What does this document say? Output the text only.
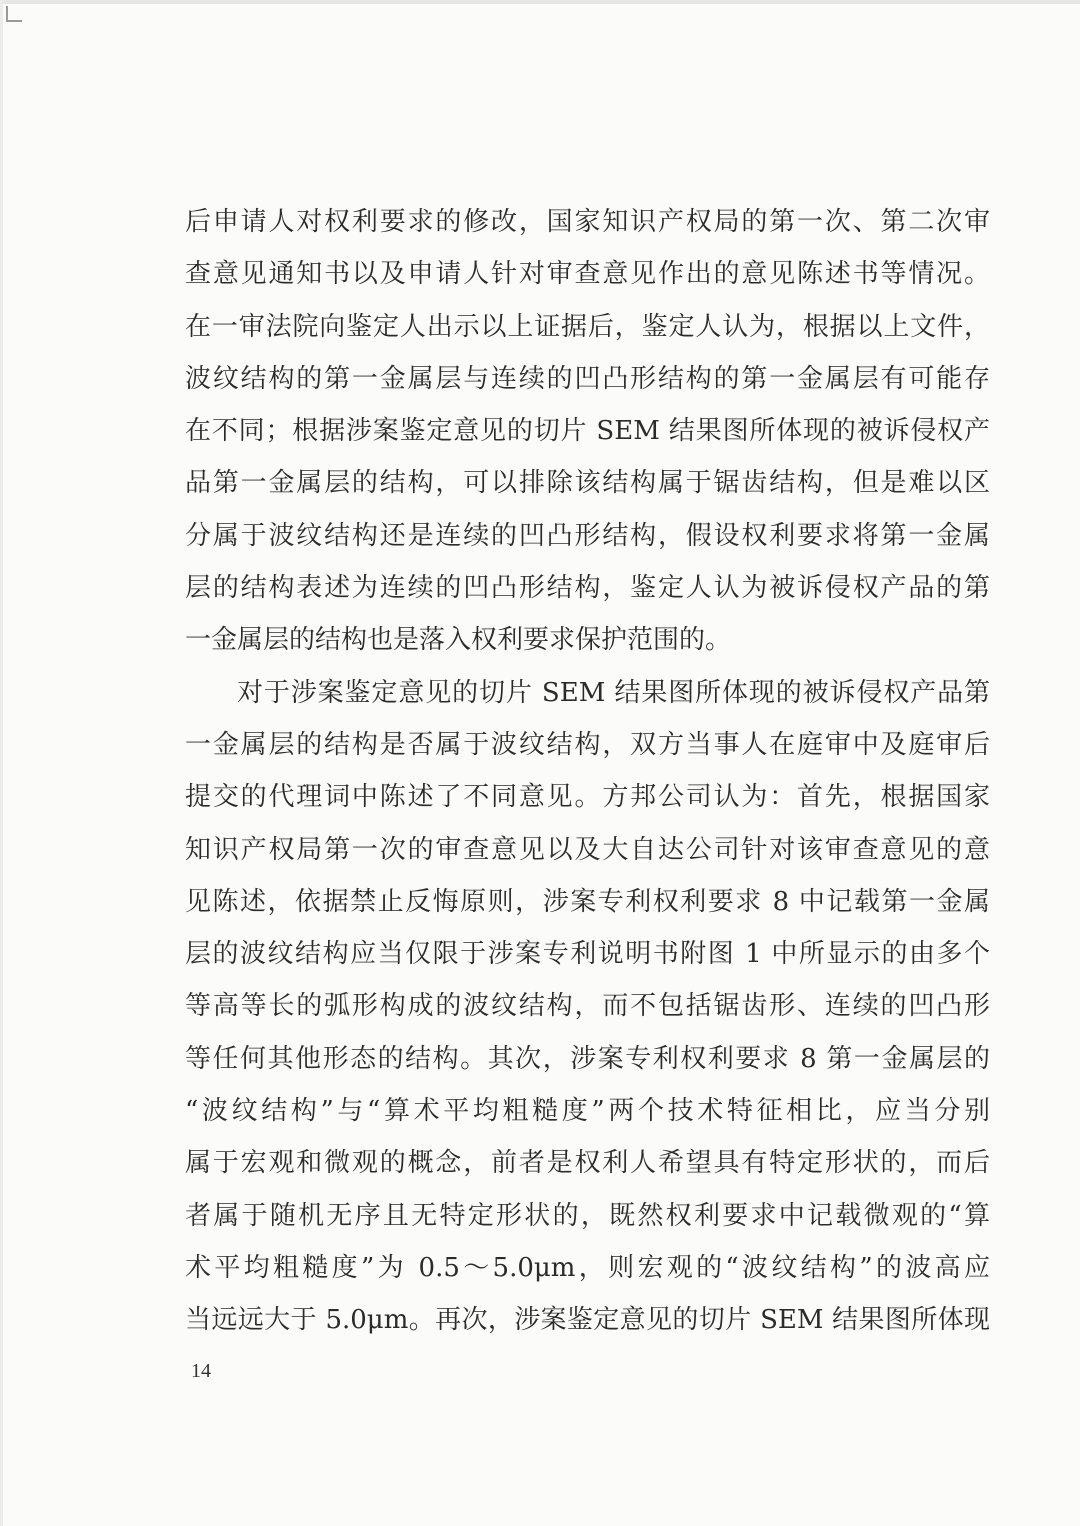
后申请人对权利要求的修改，国家知识产权局的第一次、第二次审
查意见通知书以及申请人针对审查意见作出的意见陈述书等情况。
在一审法院向鉴定人出示以上证据后，鉴定人认为，根据以上文件，
波纹结构的第一金属层与连续的凹凸形结构的第一金属层有可能存
在不同；根据涉案鉴定意见的切片 SEM 结果图所体现的被诉侵权产
品第一金属层的结构，可以排除该结构属于锯齿结构，但是难以区
分属于波纹结构还是连续的凹凸形结构，假设权利要求将第一金属
层的结构表述为连续的凹凸形结构，鉴定人认为被诉侵权产品的第
一金属层的结构也是落入权利要求保护范围的。
对于涉案鉴定意见的切片 SEM 结果图所体现的被诉侵权产品第
一金属层的结构是否属于波纹结构，双方当事人在庭审中及庭审后
提交的代理词中陈述了不同意见。方邦公司认为：首先，根据国家
知识产权局第一次的审查意见以及大自达公司针对该审查意见的意
见陈述，依据禁止反悔原则，涉案专利权利要求 8 中记载第一金属
层的波纹结构应当仅限于涉案专利说明书附图 1 中所显示的由多个
等高等长的弧形构成的波纹结构，而不包括锯齿形、连续的凹凸形
等任何其他形态的结构。其次，涉案专利权利要求 8 第一金属层的
“波纹结构”与“算术平均粗糙度”两个技术特征相比，应当分别
属于宏观和微观的概念，前者是权利人希望具有特定形状的，而后
者属于随机无序且无特定形状的，既然权利要求中记载微观的“算
术平均粗糙度”为 0.5～5.0μm，则宏观的“波纹结构”的波高应
当远远大于 5.0μm。再次，涉案鉴定意见的切片 SEM 结果图所体现
14
